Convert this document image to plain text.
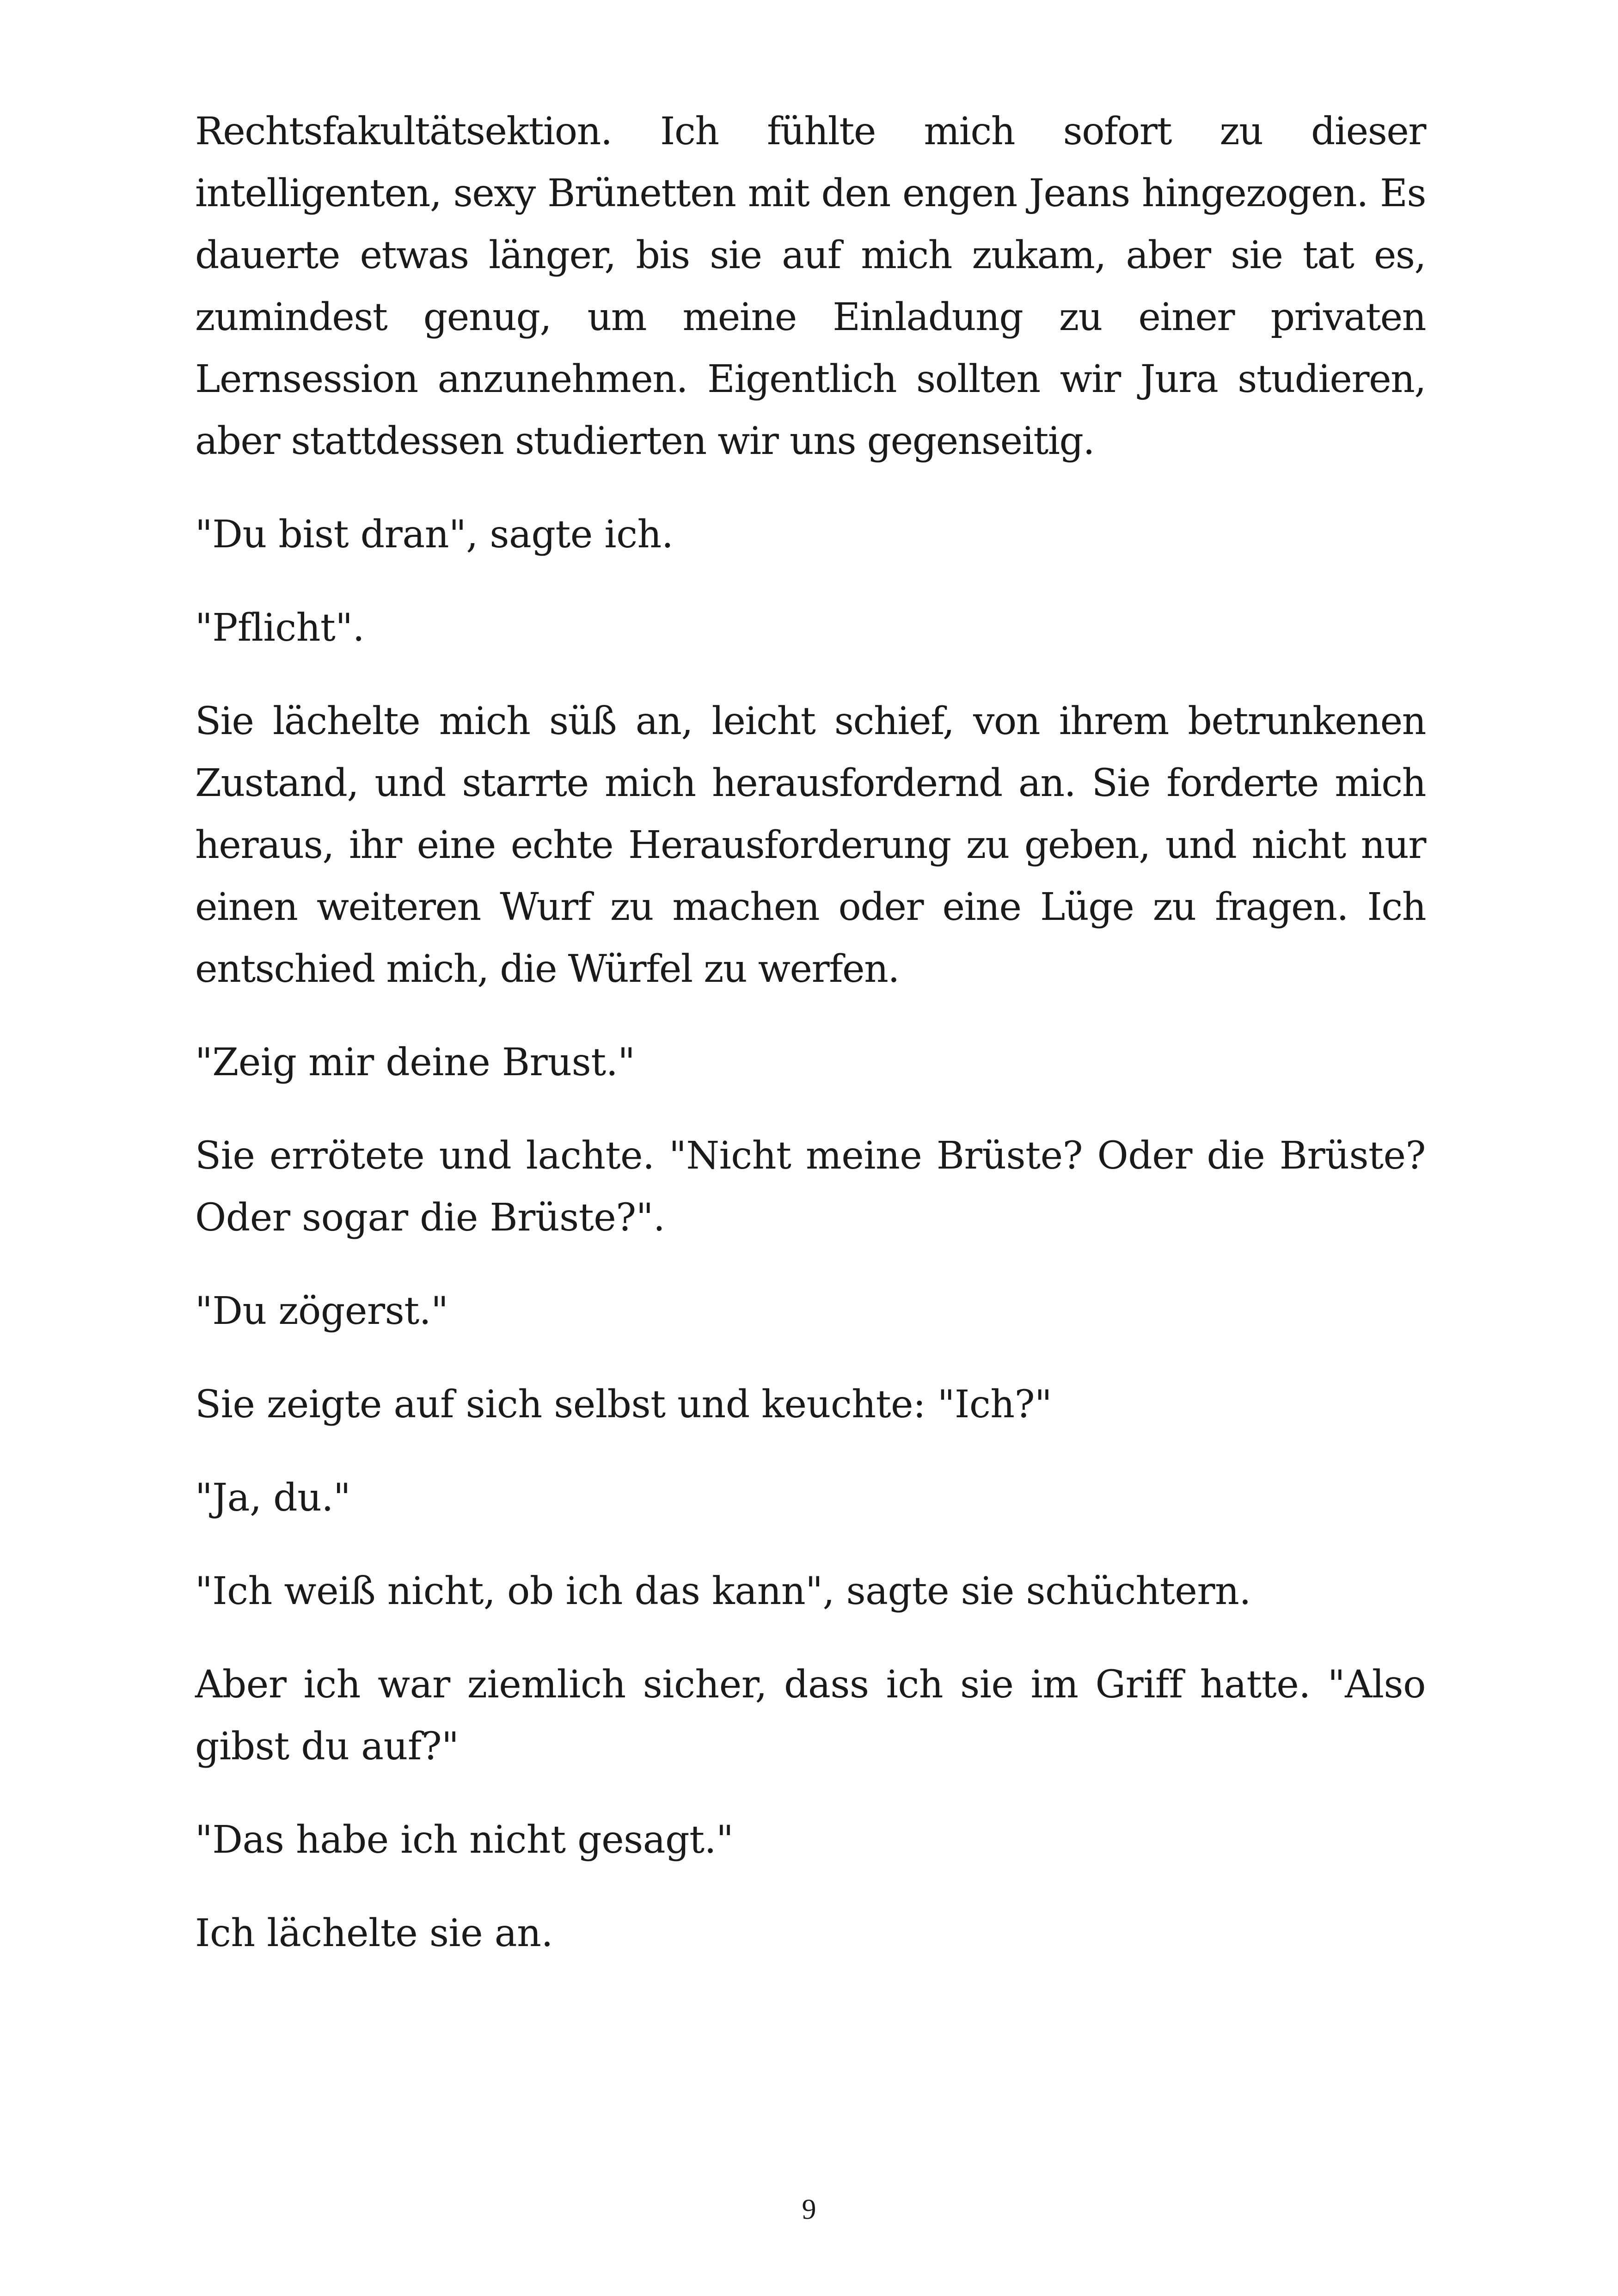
Rechtsfakultätsektion. Ich fühlte mich sofort zu dieser intelligenten, sexy Brünetten mit den engen Jeans hingezogen. Es dauerte etwas länger, bis sie auf mich zukam, aber sie tat es, zumindest genug, um meine Einladung zu einer privaten Lernsession anzunehmen. Eigentlich sollten wir Jura studieren, aber stattdessen studierten wir uns gegenseitig.

"Du bist dran", sagte ich.

"Pflicht".

Sie lächelte mich süß an, leicht schief, von ihrem betrunkenen Zustand, und starrte mich herausfordernd an. Sie forderte mich heraus, ihr eine echte Herausforderung zu geben, und nicht nur einen weiteren Wurf zu machen oder eine Lüge zu fragen. Ich entschied mich, die Würfel zu werfen.

"Zeig mir deine Brust."

Sie errötete und lachte. "Nicht meine Brüste? Oder die Brüste? Oder sogar die Brüste?".

"Du zögerst."

Sie zeigte auf sich selbst und keuchte: "Ich?"

"Ja, du."

"Ich weiß nicht, ob ich das kann", sagte sie schüchtern.

Aber ich war ziemlich sicher, dass ich sie im Griff hatte. "Also gibst du auf?"

"Das habe ich nicht gesagt."

Ich lächelte sie an.

9
